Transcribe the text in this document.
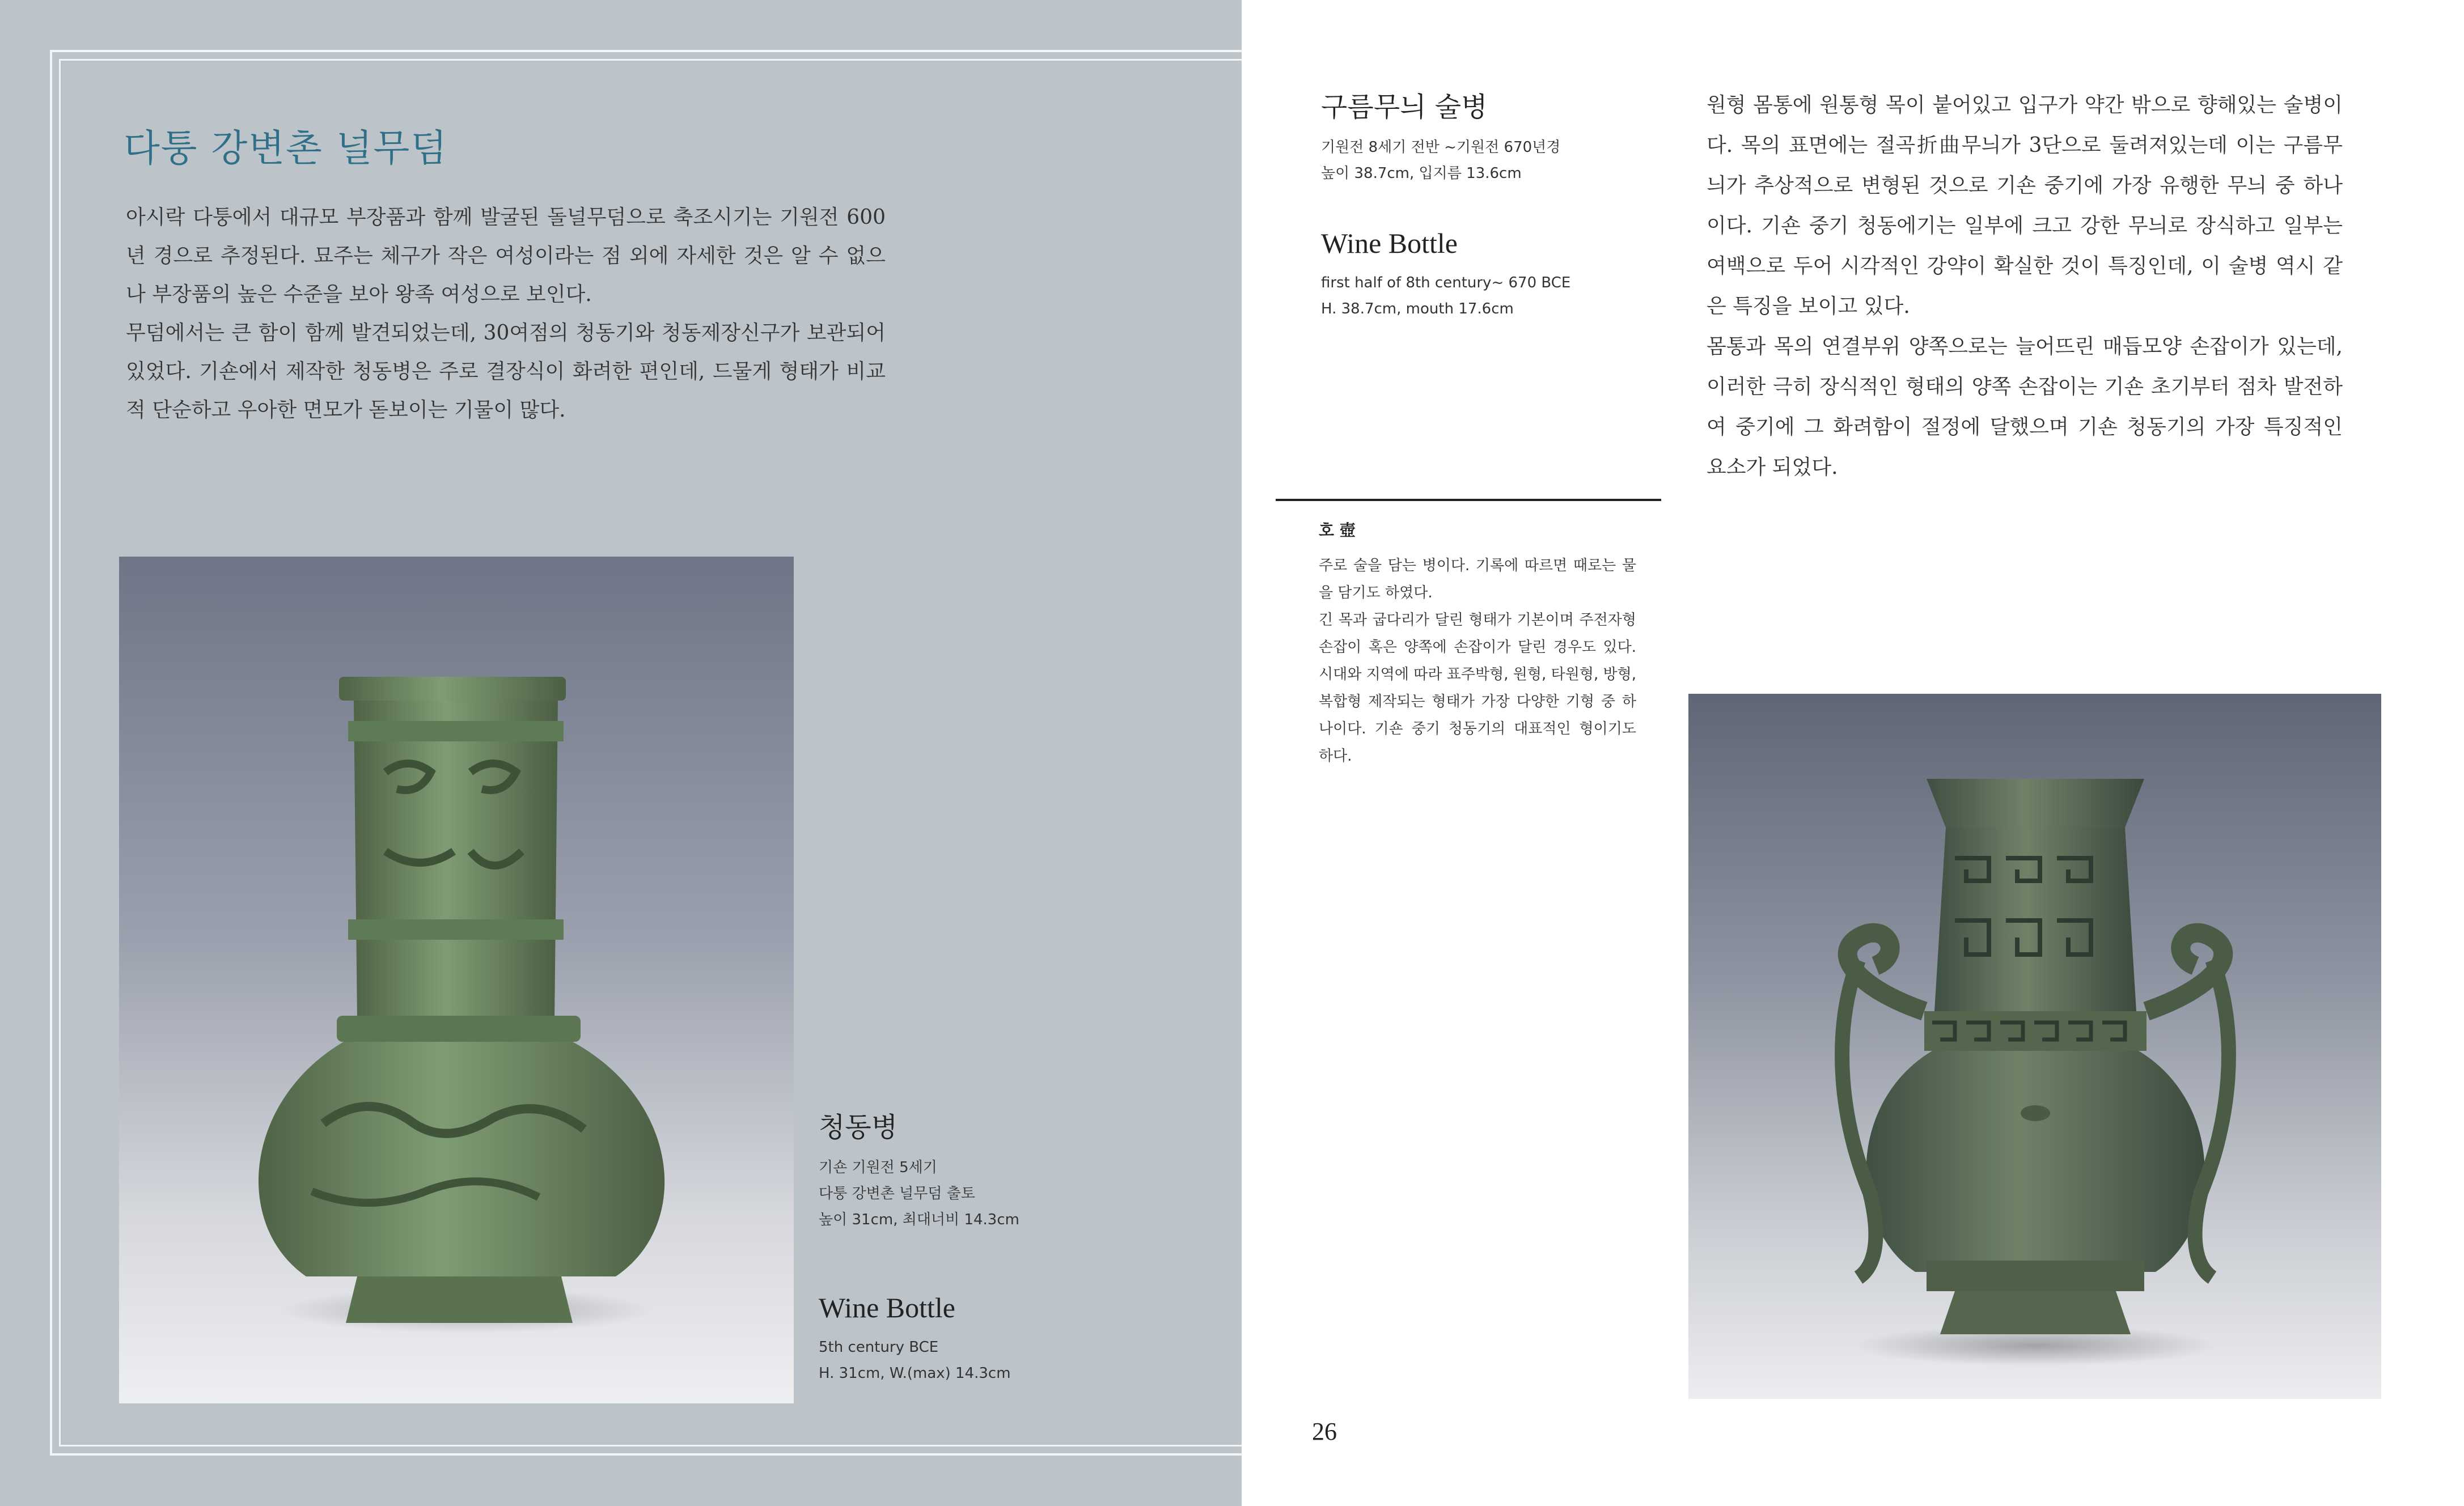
다퉁 강변촌 널무덤

아시락 다퉁에서 대규모 부장품과 함께 발굴된 돌널무덤으로 축조시기는 기원전 600년 경으로 추정된다. 묘주는 체구가 작은 여성이라는 점 외에 자세한 것은 알 수 없으나 부장품의 높은 수준을 보아 왕족 여성으로 보인다.

무덤에서는 큰 함이 함께 발견되었는데, 30여점의 청동기와 청동제장신구가 보관되어있었다. 기숀에서 제작한 청동병은 주로 결장식이 화려한 편인데, 드물게 형태가 비교적 단순하고 우아한 면모가 돋보이는 기물이 많다.

청동병
기숀 기원전 5세기
다퉁 강변촌 널무덤 출토
높이 31cm, 최대너비 14.3cm
Wine Bottle
5th century BCE
H. 31cm, W.(max) 14.3cm
구름무늬 술병
기원전 8세기 전반 ~기원전 670년경
높이 38.7cm, 입지름 13.6cm
Wine Bottle
first half of 8th century~ 670 BCE
H. 38.7cm, mouth 17.6cm

원형 몸통에 원통형 목이 붙어있고 입구가 약간 밖으로 향해있는 술병이다. 목의 표면에는 절곡折曲무늬가 3단으로 둘려져있는데 이는 구름무늬가 추상적으로 변형된 것으로 기숀 중기에 가장 유행한 무늬 중 하나이다. 기숀 중기 청동에기는 일부에 크고 강한 무늬로 장식하고 일부는 여백으로 두어 시각적인 강약이 확실한 것이 특징인데, 이 술병 역시 같은 특징을 보이고 있다.

몸통과 목의 연결부위 양쪽으로는 늘어뜨린 매듭모양 손잡이가 있는데, 이러한 극히 장식적인 형태의 양쪽 손잡이는 기숀 초기부터 점차 발전하여 중기에 그 화려함이 절정에 달했으며 기숀 청동기의 가장 특징적인 요소가 되었다.

호 壺

주로 술을 담는 병이다. 기록에 따르면 때로는 물을 담기도 하였다.

긴 목과 굽다리가 달린 형태가 기본이며 주전자형 손잡이 혹은 양쪽에 손잡이가 달린 경우도 있다. 시대와 지역에 따라 표주박형, 원형, 타원형, 방형, 복합형 제작되는 형태가 가장 다양한 기형 중 하나이다. 기숀 중기 청동기의 대표적인 형이기도 하다.

26
